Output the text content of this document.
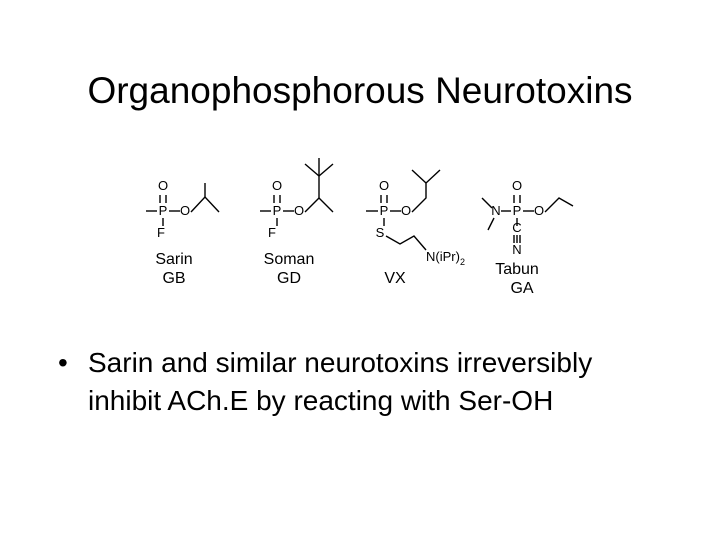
Organophosphorous Neurotoxins
O
P O
F
Sarin
GB
O
P O
F
Soman
GD
O
P O
S
$N(iPr)_2$
VX
N
O
P O
C
N
Tabun
GA
• Sarin and similar neurotoxins irreversibly
inhibit ACh.E by reacting with Ser-OH
